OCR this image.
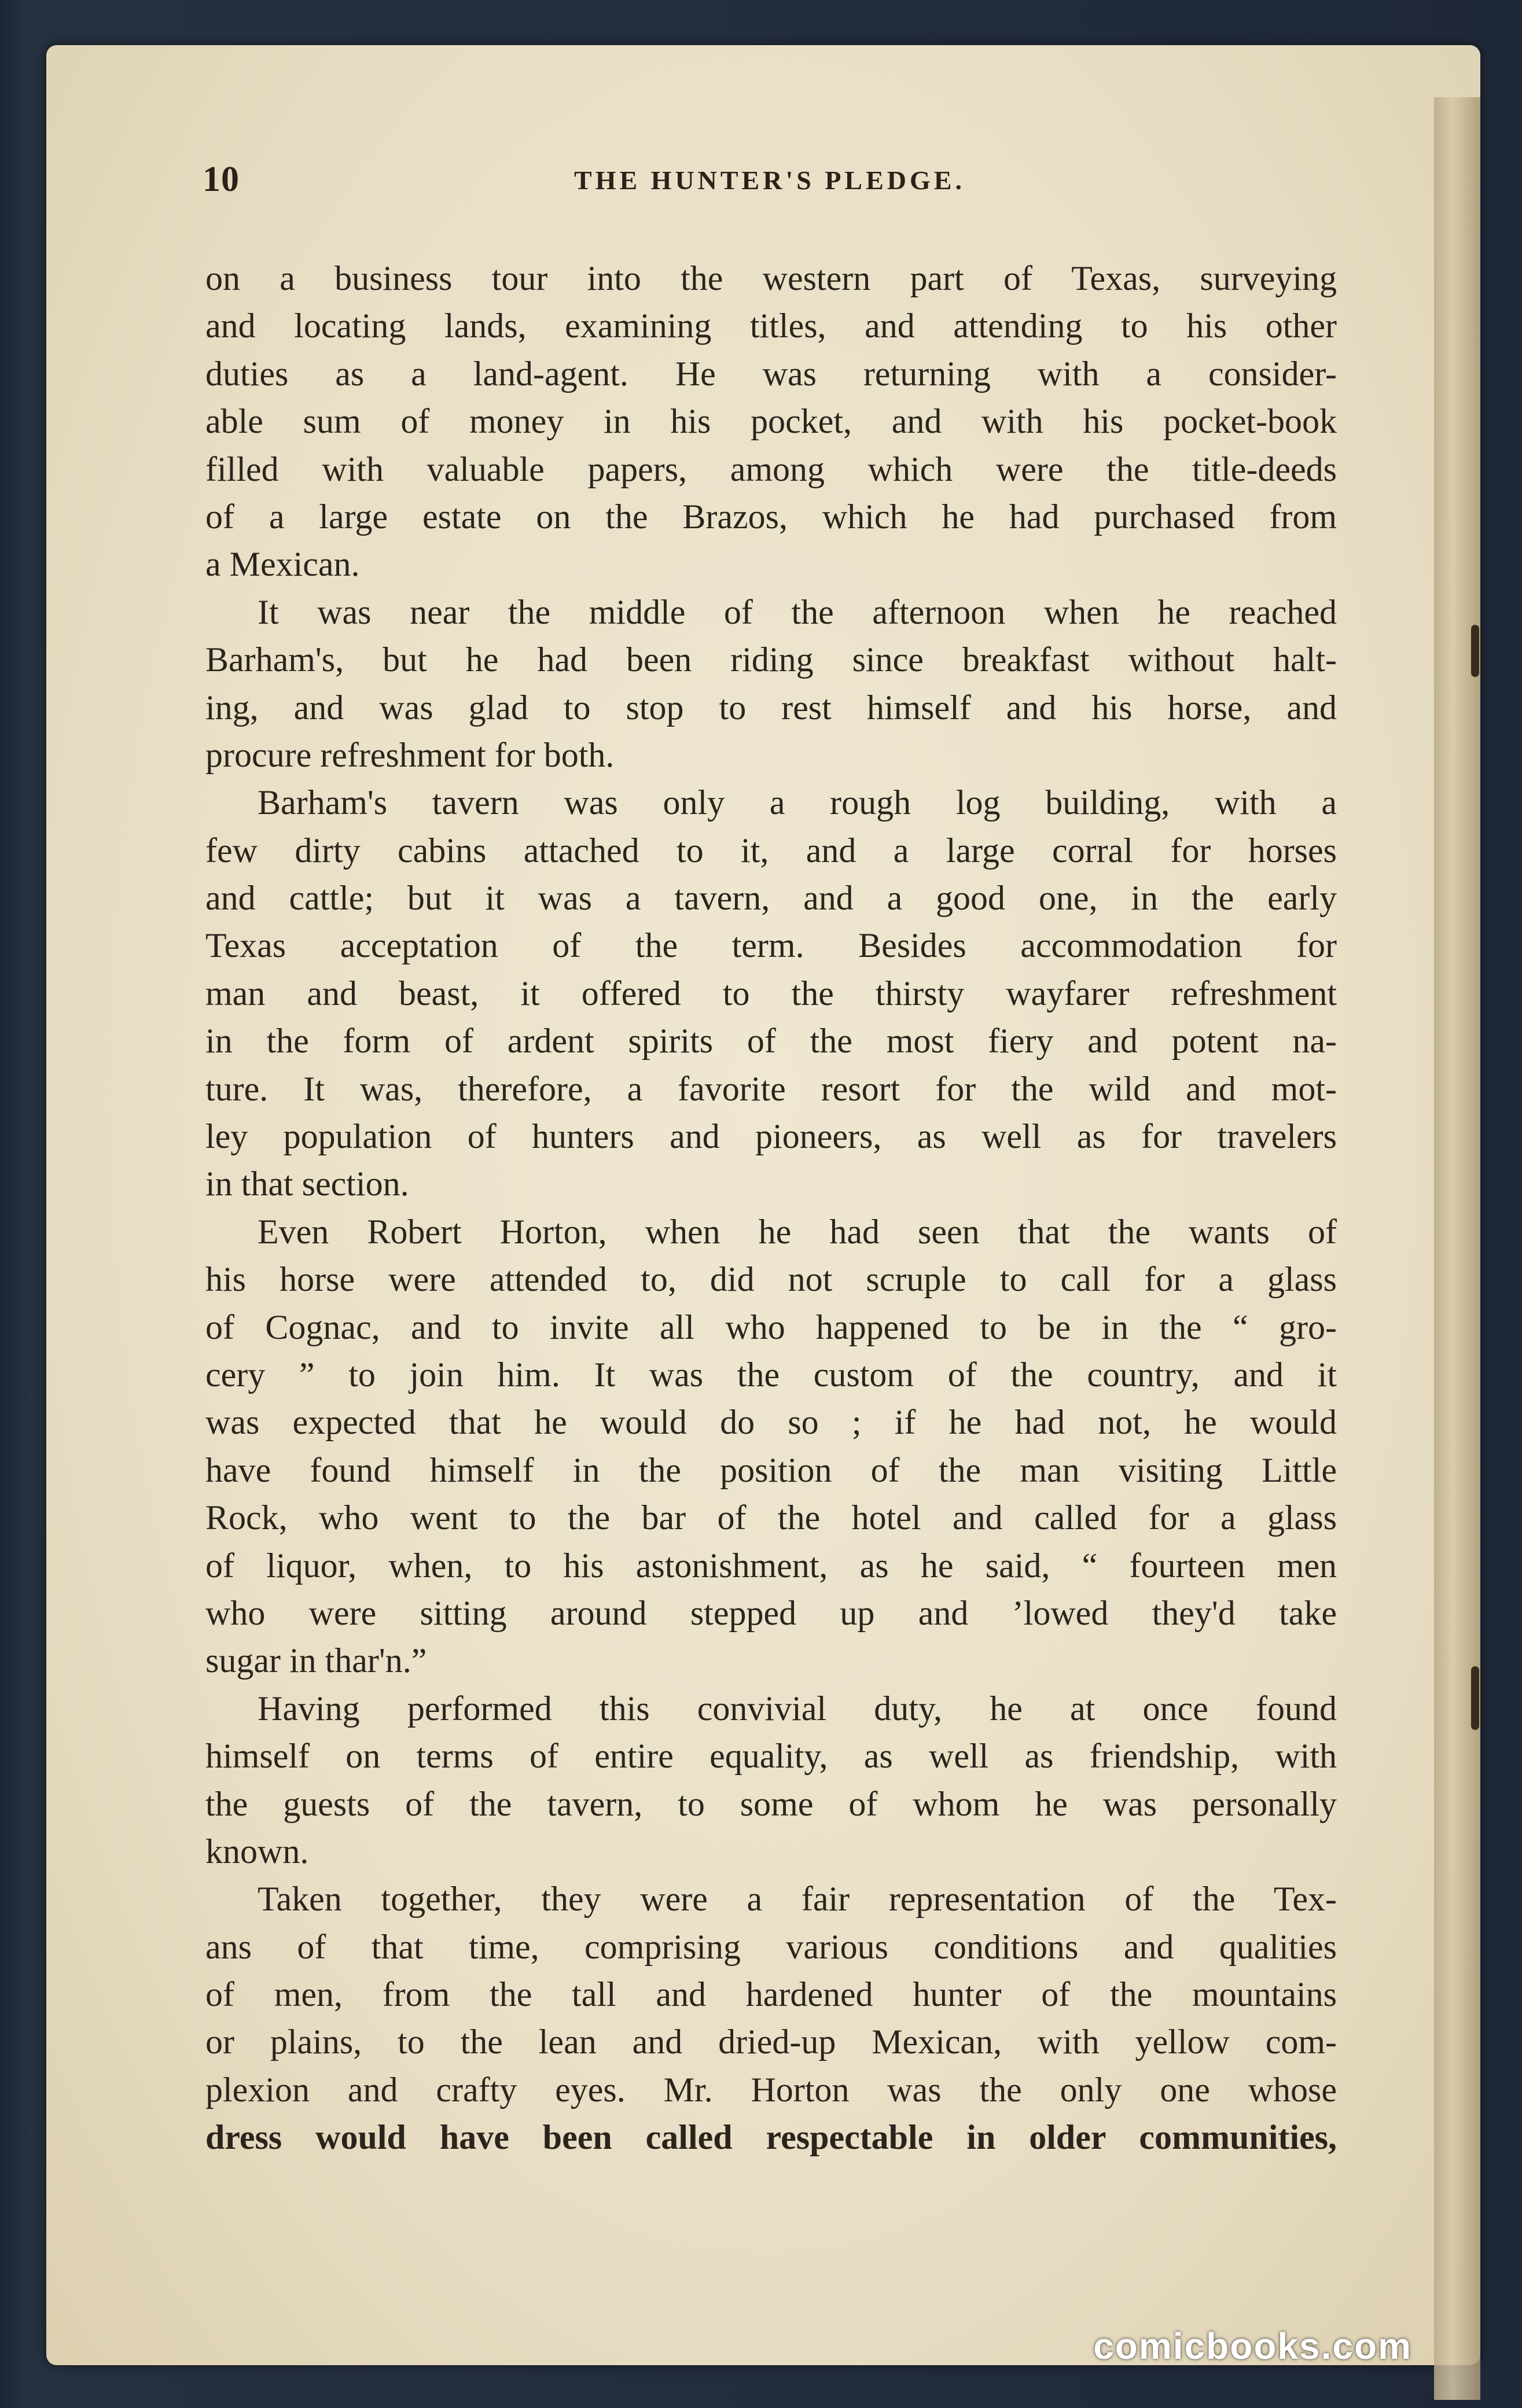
10	THE HUNTER'S PLEDGE.
on a business tour into the western part of Texas, surveying
and locating lands, examining titles, and attending to his other
duties as a land-agent. He was returning with a consider-
able sum of money in his pocket, and with his pocket-book
filled with valuable papers, among which were the title-deeds
of a large estate on the Brazos, which he had purchased from
a Mexican.
It was near the middle of the afternoon when he reached
Barham's, but he had been riding since breakfast without halt-
ing, and was glad to stop to rest himself and his horse, and
procure refreshment for both.
Barham's tavern was only a rough log building, with a
few dirty cabins attached to it, and a large corral for horses
and cattle; but it was a tavern, and a good one, in the early
Texas acceptation of the term. Besides accommodation for
man and beast, it offered to the thirsty wayfarer refreshment
in the form of ardent spirits of the most fiery and potent na-
ture. It was, therefore, a favorite resort for the wild and mot-
ley population of hunters and pioneers, as well as for travelers
in that section.
Even Robert Horton, when he had seen that the wants of
his horse were attended to, did not scruple to call for a glass
of Cognac, and to invite all who happened to be in the “ gro-
cery ” to join him. It was the custom of the country, and it
was expected that he would do so ; if he had not, he would
have found himself in the position of the man visiting Little
Rock, who went to the bar of the hotel and called for a glass
of liquor, when, to his astonishment, as he said, “ fourteen men
who were sitting around stepped up and ’lowed they'd take
sugar in thar'n.”
Having performed this convivial duty, he at once found
himself on terms of entire equality, as well as friendship, with
the guests of the tavern, to some of whom he was personally
known.
Taken together, they were a fair representation of the Tex-
ans of that time, comprising various conditions and qualities
of men, from the tall and hardened hunter of the mountains
or plains, to the lean and dried-up Mexican, with yellow com-
plexion and crafty eyes. Mr. Horton was the only one whose
dress would have been called respectable in older communities,
comicbooks.com
